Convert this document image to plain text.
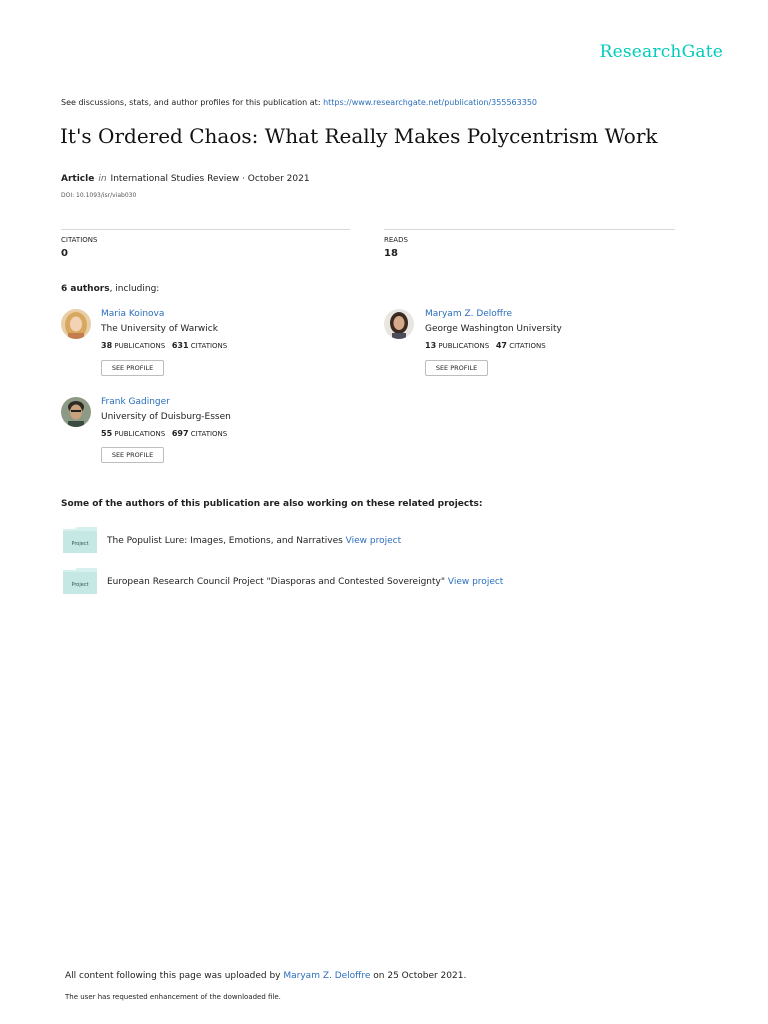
ResearchGate
See discussions, stats, and author profiles for this publication at: https://www.researchgate.net/publication/355563350
It's Ordered Chaos: What Really Makes Polycentrism Work
Article in International Studies Review · October 2021
DOI: 10.1093/isr/viab030
CITATIONS
0
READS
18
6 authors, including:
Maria Koinova
The University of Warwick
38 PUBLICATIONS 631 CITATIONS
SEE PROFILE
Maryam Z. Deloffre
George Washington University
13 PUBLICATIONS 47 CITATIONS
SEE PROFILE
Frank Gadinger
University of Duisburg-Essen
55 PUBLICATIONS 697 CITATIONS
SEE PROFILE
Some of the authors of this publication are also working on these related projects:
Project The Populist Lure: Images, Emotions, and Narratives View project
Project European Research Council Project "Diasporas and Contested Sovereignty" View project
All content following this page was uploaded by Maryam Z. Deloffre on 25 October 2021.
The user has requested enhancement of the downloaded file.
